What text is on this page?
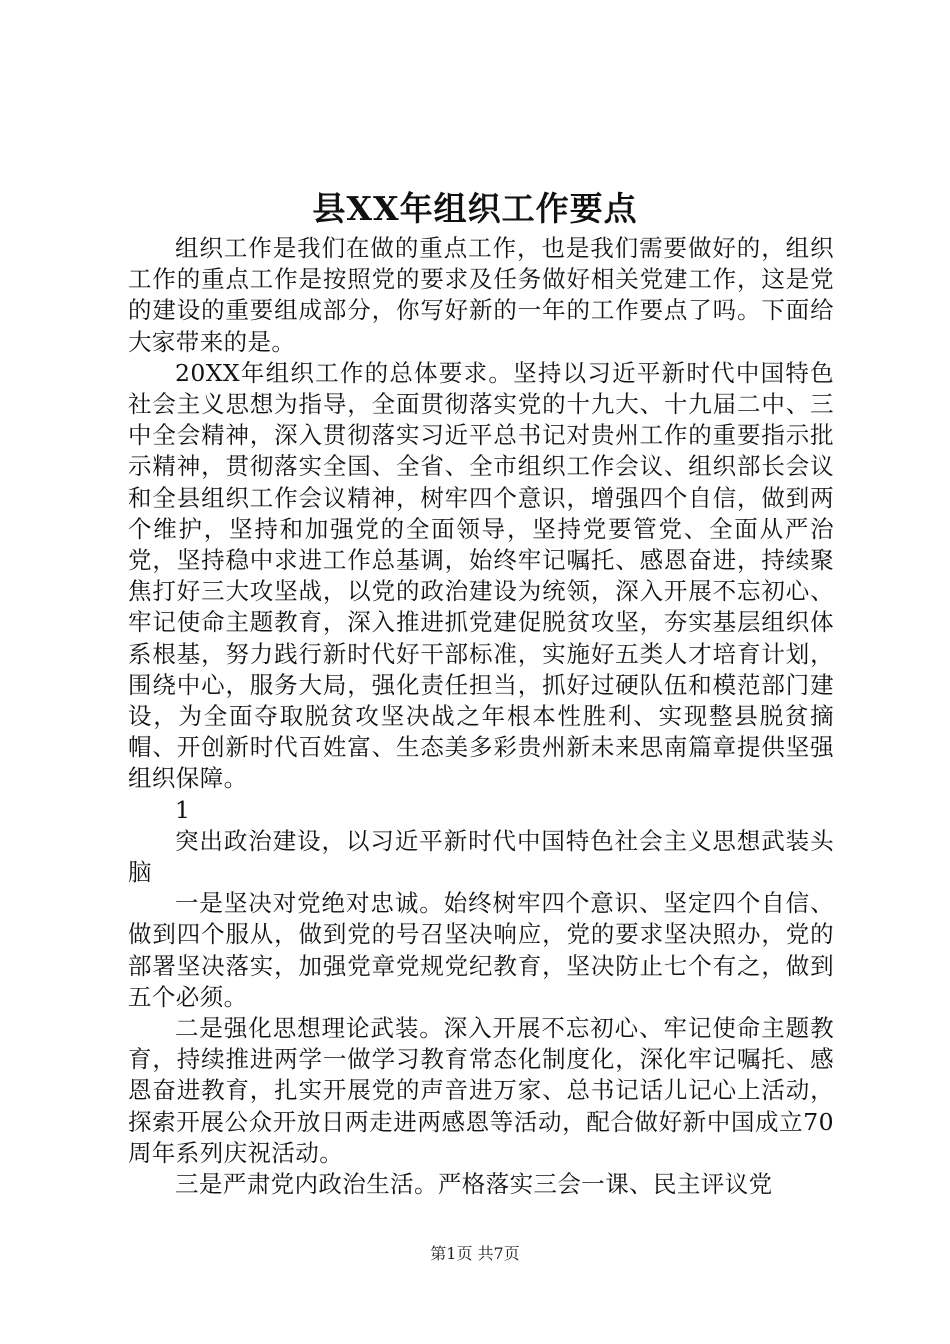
县XX年组织工作要点

组织工作是我们在做的重点工作，也是我们需要做好的，组织工作的重点工作是按照党的要求及任务做好相关党建工作，这是党的建设的重要组成部分，你写好新的一年的工作要点了吗。下面给大家带来的是。

20XX年组织工作的总体要求。坚持以习近平新时代中国特色社会主义思想为指导，全面贯彻落实党的十九大、十九届二中、三中全会精神，深入贯彻落实习近平总书记对贵州工作的重要指示批示精神，贯彻落实全国、全省、全市组织工作会议、组织部长会议和全县组织工作会议精神，树牢四个意识，增强四个自信，做到两个维护，坚持和加强党的全面领导，坚持党要管党、全面从严治党，坚持稳中求进工作总基调，始终牢记嘱托、感恩奋进，持续聚焦打好三大攻坚战，以党的政治建设为统领，深入开展不忘初心、牢记使命主题教育，深入推进抓党建促脱贫攻坚，夯实基层组织体系根基，努力践行新时代好干部标准，实施好五类人才培育计划，围绕中心，服务大局，强化责任担当，抓好过硬队伍和模范部门建设，为全面夺取脱贫攻坚决战之年根本性胜利、实现整县脱贫摘帽、开创新时代百姓富、生态美多彩贵州新未来思南篇章提供坚强组织保障。

1

突出政治建设，以习近平新时代中国特色社会主义思想武装头脑

一是坚决对党绝对忠诚。始终树牢四个意识、坚定四个自信、做到四个服从，做到党的号召坚决响应，党的要求坚决照办，党的部署坚决落实，加强党章党规党纪教育，坚决防止七个有之，做到五个必须。

二是强化思想理论武装。深入开展不忘初心、牢记使命主题教育，持续推进两学一做学习教育常态化制度化，深化牢记嘱托、感恩奋进教育，扎实开展党的声音进万家、总书记话儿记心上活动，探索开展公众开放日两走进两感恩等活动，配合做好新中国成立70周年系列庆祝活动。

三是严肃党内政治生活。严格落实三会一课、民主评议党

第1页 共7页
